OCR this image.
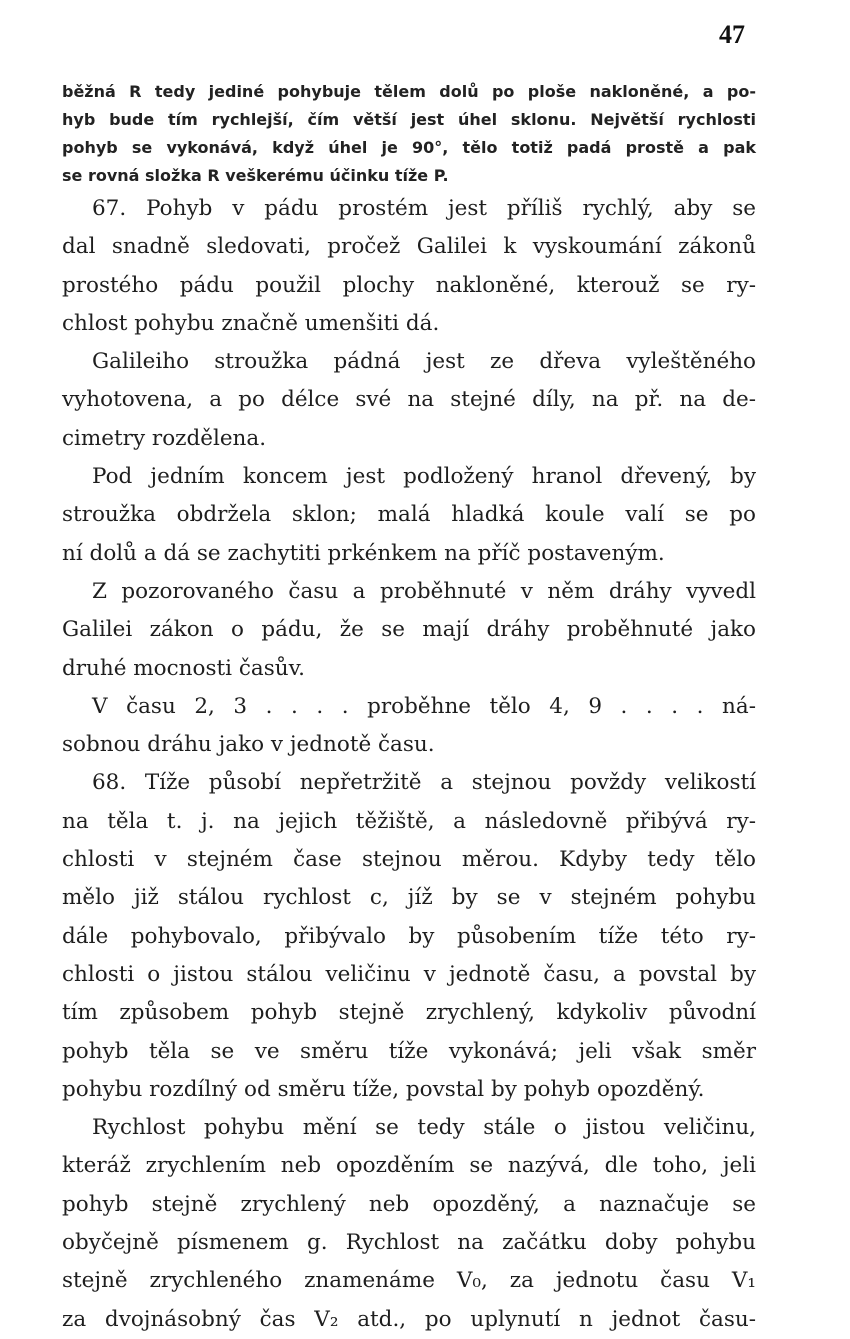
47
běžná R tedy jediné pohybuje tělem dolů po ploše nakloněné, a po-
hyb bude tím rychlejší, čím větší jest úhel sklonu. Největší rychlosti
pohyb se vykonává, když úhel je 90°, tělo totiž padá prostě a pak
se rovná složka R veškerému účinku tíže P.
67. Pohyb v pádu prostém jest příliš rychlý, aby se
dal snadně sledovati, pročež Galilei k vyskoumání zákonů
prostého pádu použil plochy nakloněné, kterouž se ry-
chlost pohybu značně umenšiti dá.
Galileiho stroužka pádná jest ze dřeva vyleštěného
vyhotovena, a po délce své na stejné díly, na př. na de-
cimetry rozdělena.
Pod jedním koncem jest podložený hranol dřevený, by
stroužka obdržela sklon; malá hladká koule valí se po
ní dolů a dá se zachytiti prkénkem na příč postaveným.
Z pozorovaného času a proběhnuté v něm dráhy vyvedl
Galilei zákon o pádu, že se mají dráhy proběhnuté jako
druhé mocnosti časův.
V času 2, 3 . . . . proběhne tělo 4, 9 . . . . ná-
sobnou dráhu jako v jednotě času.
68. Tíže působí nepřetržitě a stejnou povždy velikostí
na těla t. j. na jejich těžiště, a následovně přibývá ry-
chlosti v stejném čase stejnou měrou. Kdyby tedy tělo
mělo již stálou rychlost c, jíž by se v stejném pohybu
dále pohybovalo, přibývalo by působením tíže této ry-
chlosti o jistou stálou veličinu v jednotě času, a povstal by
tím způsobem pohyb stejně zrychlený, kdykoliv původní
pohyb těla se ve směru tíže vykonává; jeli však směr
pohybu rozdílný od směru tíže, povstal by pohyb opozděný.
Rychlost pohybu mění se tedy stále o jistou veličinu,
kteráž zrychlením neb opozděním se nazývá, dle toho, jeli
pohyb stejně zrychlený neb opozděný, a naznačuje se
obyčejně písmenem g. Rychlost na začátku doby pohybu
stejně zrychleného znamenáme V₀, za jednotu času V₁
za dvojnásobný čas V₂ atd., po uplynutí n jednot času-
